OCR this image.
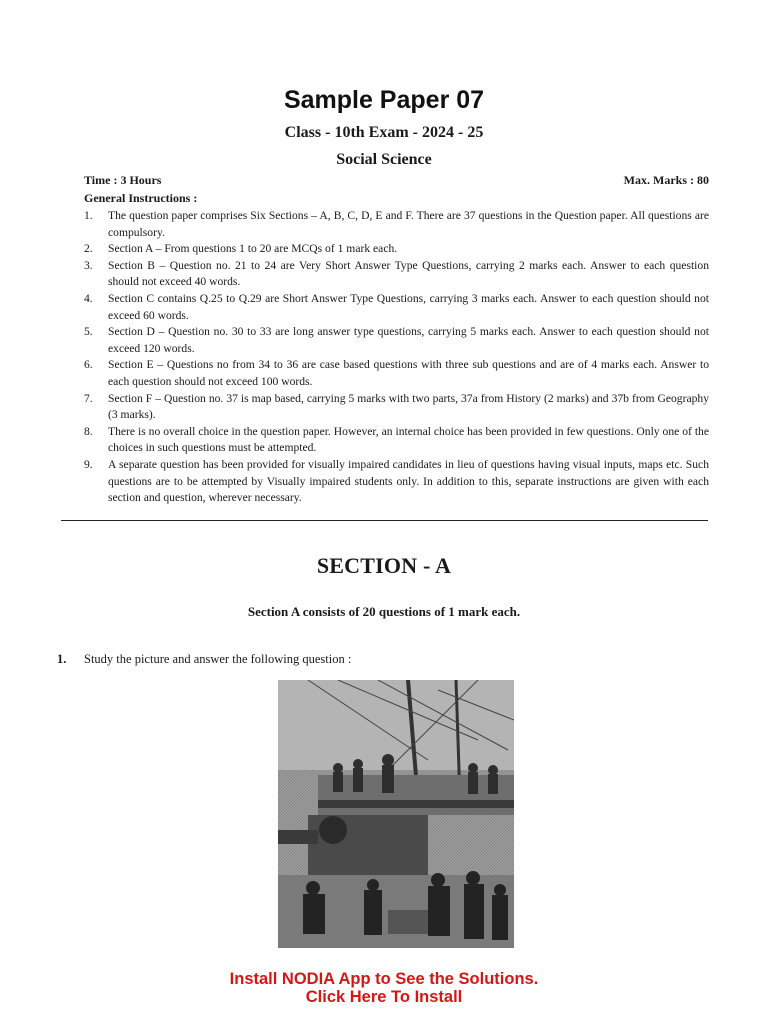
Sample Paper 07
Class - 10th Exam - 2024 - 25
Social Science
Time : 3 Hours	Max. Marks : 80
General Instructions :
1.	The question paper comprises Six Sections – A, B, C, D, E and F. There are 37 questions in the Question paper. All questions are compulsory.
2.	Section A – From questions 1 to 20 are MCQs of 1 mark each.
3.	Section B – Question no. 21 to 24 are Very Short Answer Type Questions, carrying 2 marks each. Answer to each question should not exceed 40 words.
4.	Section C contains Q.25 to Q.29 are Short Answer Type Questions, carrying 3 marks each. Answer to each question should not exceed 60 words.
5.	Section D – Question no. 30 to 33 are long answer type questions, carrying 5 marks each. Answer to each question should not exceed 120 words.
6.	Section E – Questions no from 34 to 36 are case based questions with three sub questions and are of 4 marks each. Answer to each question should not exceed 100 words.
7.	Section F – Question no. 37 is map based, carrying 5 marks with two parts, 37a from History (2 marks) and 37b from Geography (3 marks).
8.	There is no overall choice in the question paper. However, an internal choice has been provided in few questions. Only one of the choices in such questions must be attempted.
9.	A separate question has been provided for visually impaired candidates in lieu of questions having visual inputs, maps etc. Such questions are to be attempted by Visually impaired students only. In addition to this, separate instructions are given with each section and question, wherever necessary.
SECTION - A
Section A consists of 20 questions of 1 mark each.
1. Study the picture and answer the following question :
Install NODIA App to See the Solutions.
Click Here To Install
